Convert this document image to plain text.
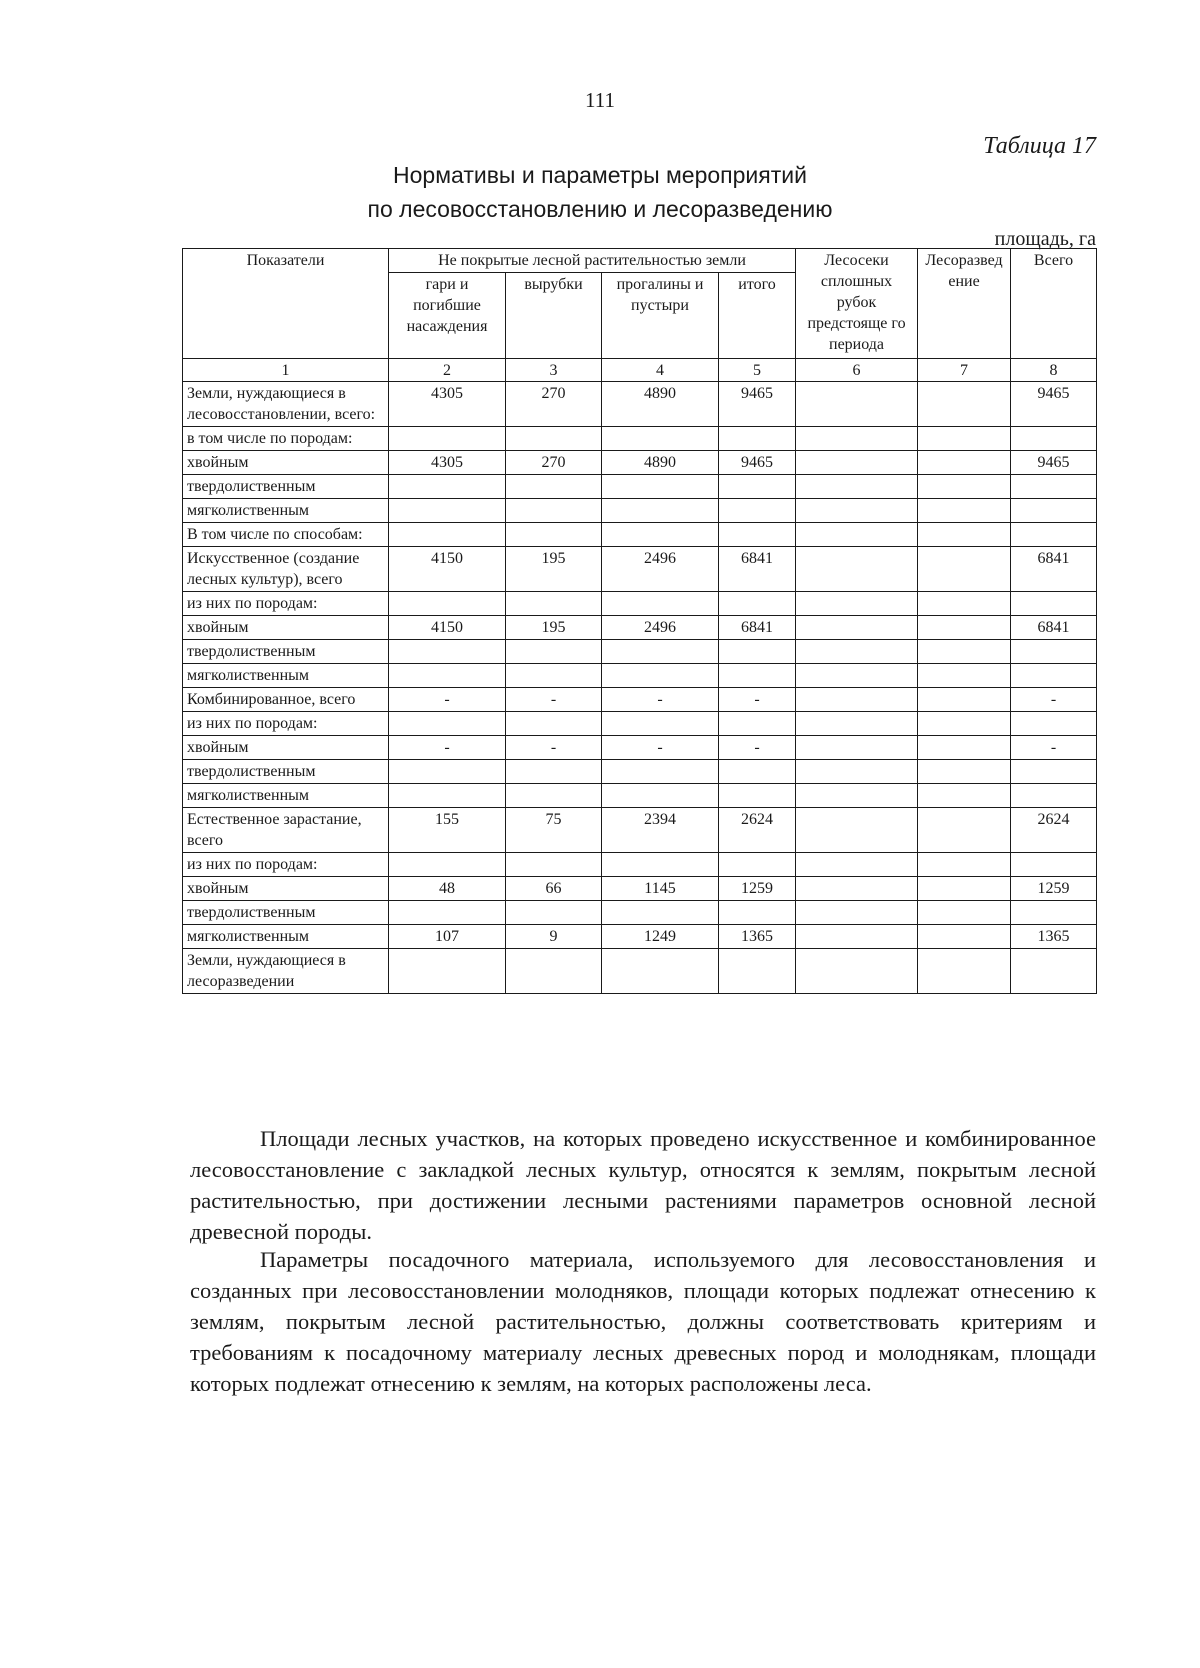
111
Таблица 17
Нормативы и параметры мероприятий
по лесовосстановлению и лесоразведению
площадь, га
Показатели	Не покрытые лесной растительностью земли				Лесосеки сплошных рубок предстояще го периода	Лесоразведение	Всего
	гари и погибшие насаждения	вырубки	прогалины и пустыри	итого			
1	2	3	4	5	6	7	8
Земли, нуждающиеся в лесовосстановлении, всего:	4305	270	4890	9465			9465
в том числе по породам:							
хвойным	4305	270	4890	9465			9465
твердолиственным							
мягколиственным							
В том числе по способам:							
Искусственное (создание лесных культур), всего	4150	195	2496	6841			6841
из них по породам:							
хвойным	4150	195	2496	6841			6841
твердолиственным							
мягколиственным							
Комбинированное, всего	-	-	-	-			-
из них по породам:							
хвойным	-	-	-	-			-
твердолиственным							
мягколиственным							
Естественное зарастание, всего	155	75	2394	2624			2624
из них по породам:							
хвойным	48	66	1145	1259			1259
твердолиственным							
мягколиственным	107	9	1249	1365			1365
Земли, нуждающиеся в лесоразведении							

Площади лесных участков, на которых проведено искусственное и комбинированное лесовосстановление с закладкой лесных культур, относятся к землям, покрытым лесной растительностью, при достижении лесными растениями параметров основной лесной древесной породы.

Параметры посадочного материала, используемого для лесовосстановления и созданных при лесовосстановлении молодняков, площади которых подлежат отнесению к землям, покрытым лесной растительностью, должны соответствовать критериям и требованиям к посадочному материалу лесных древесных пород и молоднякам, площади которых подлежат отнесению к землям, на которых расположены леса.
